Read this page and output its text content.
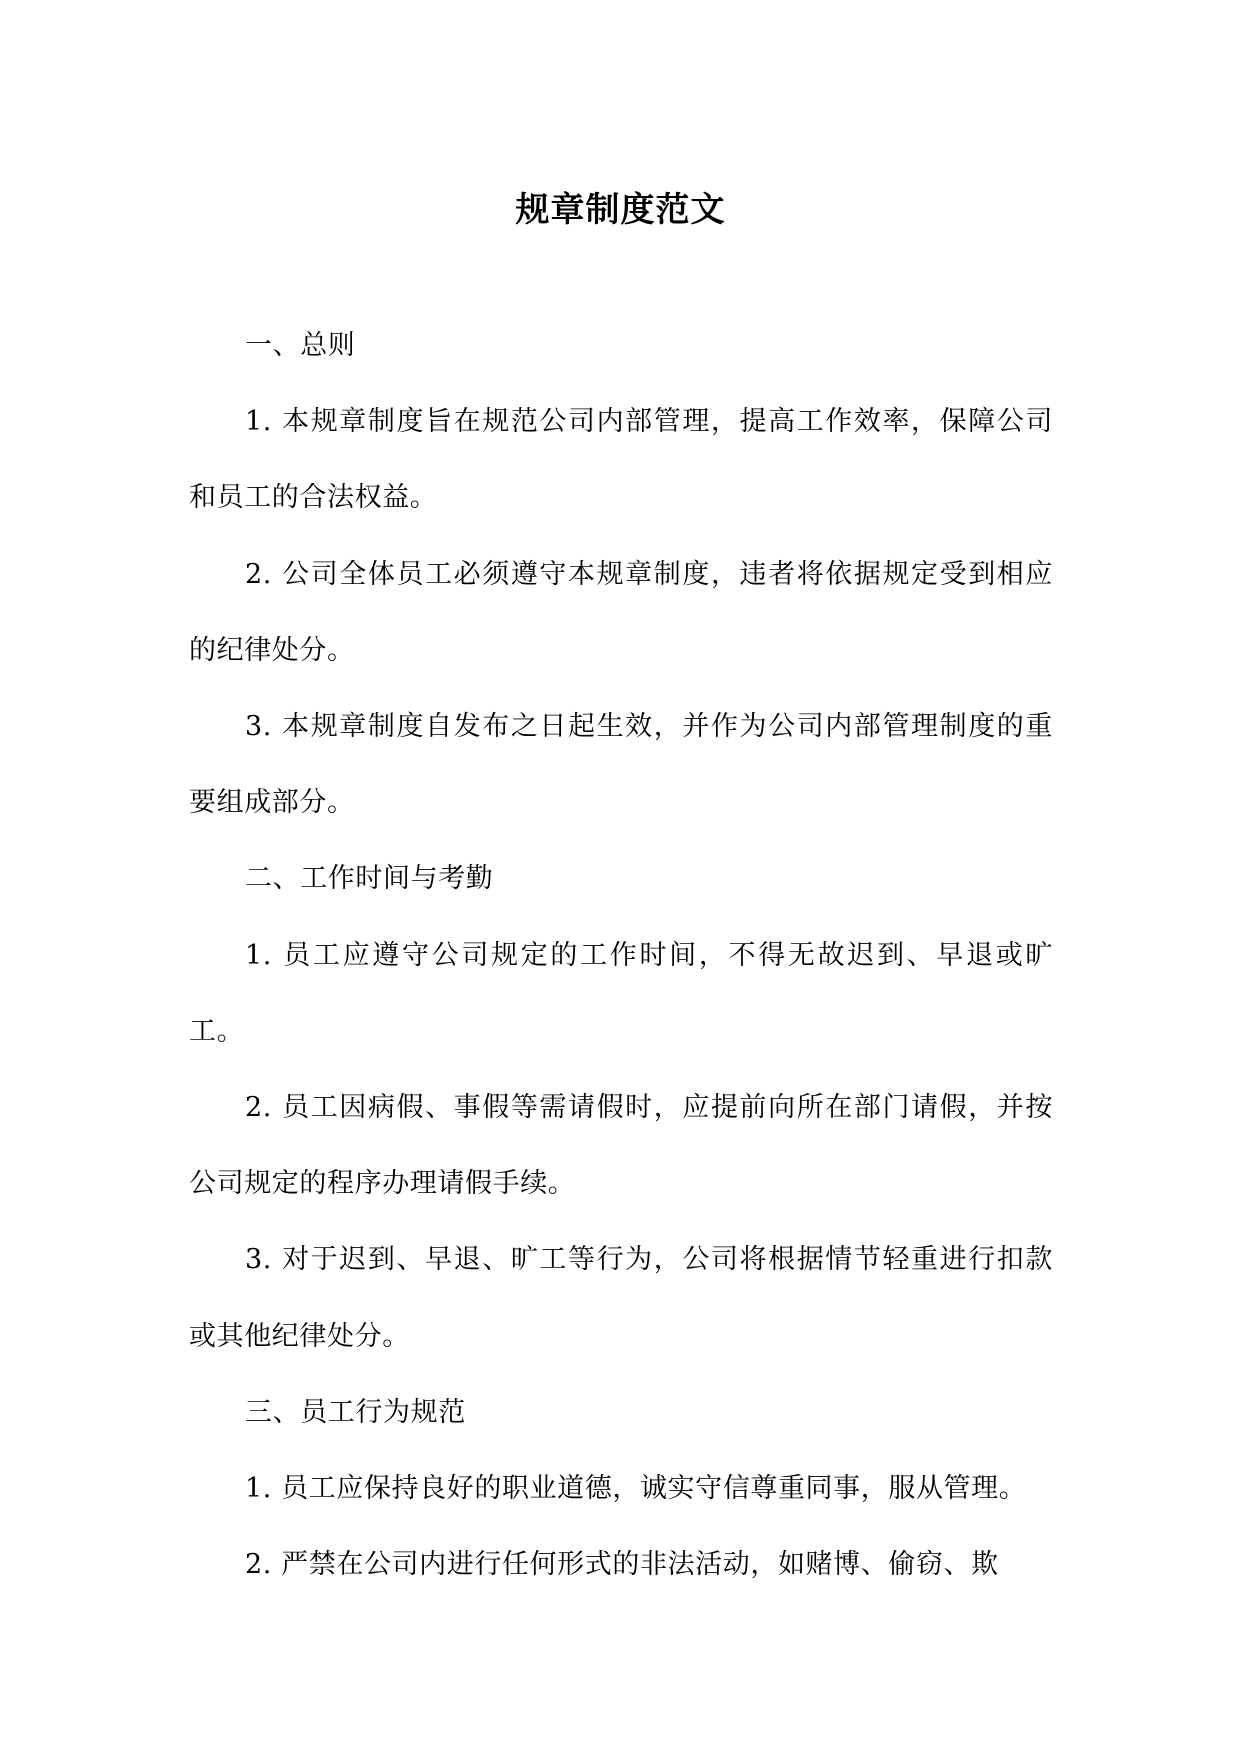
规章制度范文

一、总则

1. 本规章制度旨在规范公司内部管理，提高工作效率，保障公司和员工的合法权益。

2. 公司全体员工必须遵守本规章制度，违者将依据规定受到相应的纪律处分。

3. 本规章制度自发布之日起生效，并作为公司内部管理制度的重要组成部分。

二、工作时间与考勤

1. 员工应遵守公司规定的工作时间，不得无故迟到、早退或旷工。

2. 员工因病假、事假等需请假时，应提前向所在部门请假，并按公司规定的程序办理请假手续。

3. 对于迟到、早退、旷工等行为，公司将根据情节轻重进行扣款或其他纪律处分。

三、员工行为规范

1. 员工应保持良好的职业道德，诚实守信尊重同事，服从管理。

2. 严禁在公司内进行任何形式的非法活动，如赌博、偷窃、欺
